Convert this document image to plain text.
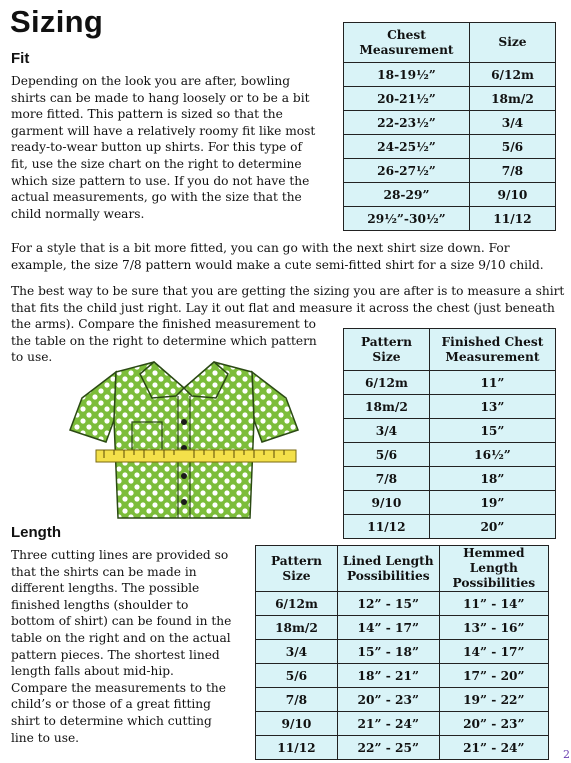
Sizing
Fit

Depending on the look you are after, bowling
shirts can be made to hang loosely or to be a bit
more fitted. This pattern is sized so that the
garment will have a relatively roomy fit like most
ready-to-wear button up shirts. For this type of
fit, use the size chart on the right to determine
which size pattern to use. If you do not have the
actual measurements, go with the size that the
child normally wears.

For a style that is a bit more fitted, you can go with the next shirt size down. For
example, the size 7/8 pattern would make a cute semi-fitted shirt for a size 9/10 child.

The best way to be sure that you are getting the sizing you are after is to measure a shirt
that fits the child just right. Lay it out flat and measure it across the chest (just beneath
the arms). Compare the finished measurement to
the table on the right to determine which pattern
to use.

Chest Measurement	Size
18-19½”	6/12m
20-21½”	18m/2
22-23½”	3/4
24-25½”	5/6
26-27½”	7/8
28-29”	9/10
29½”-30½”	11/12
Pattern Size	Finished Chest Measurement
6/12m	11”
18m/2	13”
3/4	15”
5/6	16½”
7/8	18”
9/10	19”
11/12	20”
Length

Three cutting lines are provided so
that the shirts can be made in
different lengths. The possible
finished lengths (shoulder to
bottom of shirt) can be found in the
table on the right and on the actual
pattern pieces. The shortest lined
length falls about mid-hip.
Compare the measurements to the
child’s or those of a great fitting
shirt to determine which cutting
line to use.

Pattern Size	Lined Length Possibilities	Hemmed Length Possibilities
6/12m	12” - 15”	11” - 14”
18m/2	14” - 17”	13” - 16”
3/4	15” - 18”	14” - 17”
5/6	18” - 21”	17” - 20”
7/8	20” - 23”	19” - 22”
9/10	21” - 24”	20” - 23”
11/12	22” - 25”	21” - 24”	2
